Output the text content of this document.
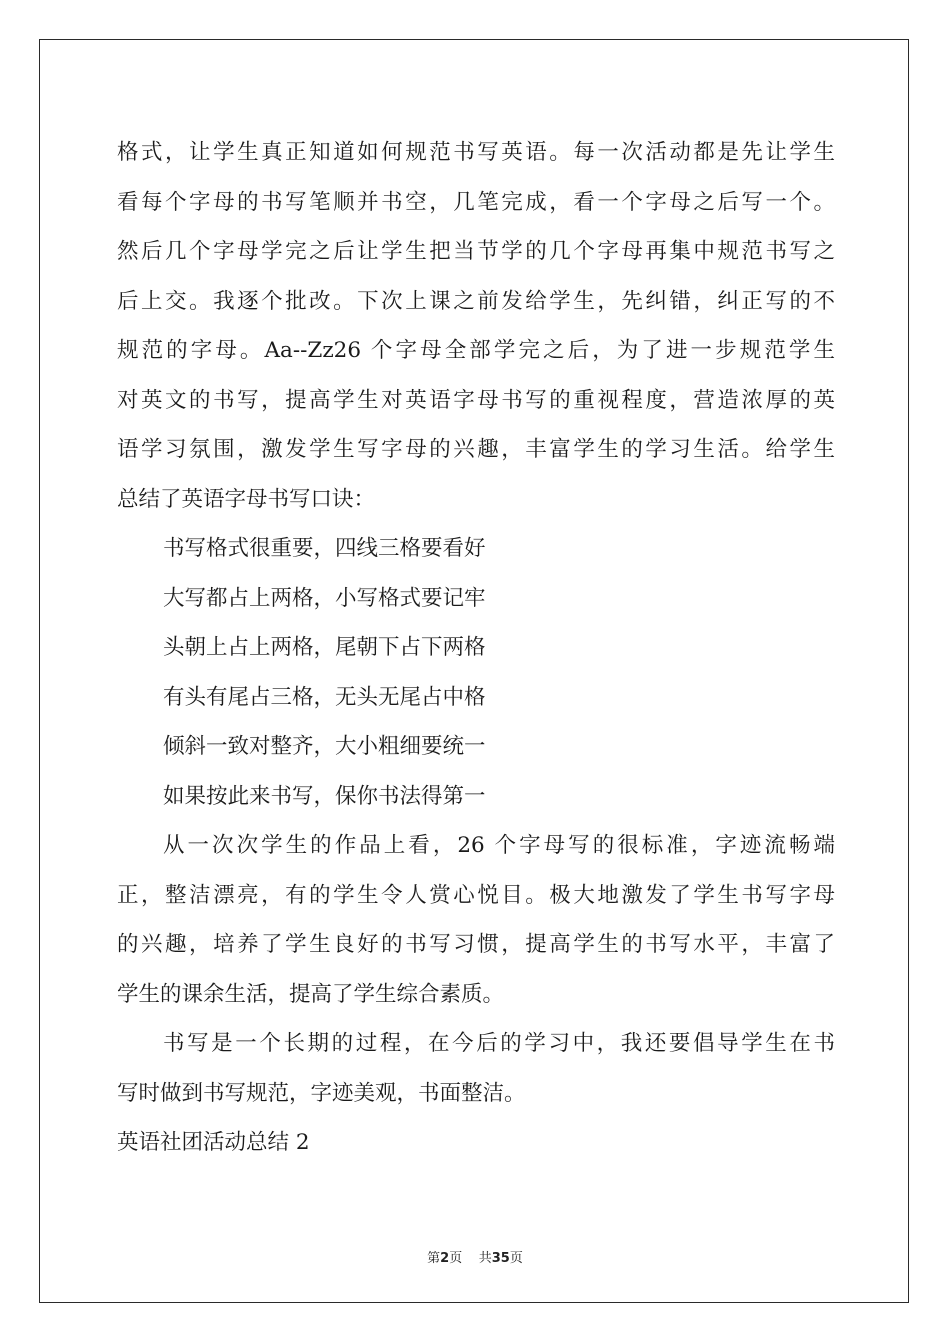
格式，让学生真正知道如何规范书写英语。每一次活动都是先让学生
看每个字母的书写笔顺并书空，几笔完成，看一个字母之后写一个。
然后几个字母学完之后让学生把当节学的几个字母再集中规范书写之
后上交。我逐个批改。下次上课之前发给学生，先纠错，纠正写的不
规范的字母。Aa--Zz26 个字母全部学完之后，为了进一步规范学生
对英文的书写，提高学生对英语字母书写的重视程度，营造浓厚的英
语学习氛围，激发学生写字母的兴趣，丰富学生的学习生活。给学生
总结了英语字母书写口诀：
书写格式很重要，四线三格要看好
大写都占上两格，小写格式要记牢
头朝上占上两格，尾朝下占下两格
有头有尾占三格，无头无尾占中格
倾斜一致对整齐，大小粗细要统一
如果按此来书写，保你书法得第一
从一次次学生的作品上看，26 个字母写的很标准，字迹流畅端
正，整洁漂亮，有的学生令人赏心悦目。极大地激发了学生书写字母
的兴趣，培养了学生良好的书写习惯，提高学生的书写水平，丰富了
学生的课余生活，提高了学生综合素质。
书写是一个长期的过程，在今后的学习中，我还要倡导学生在书
写时做到书写规范，字迹美观，书面整洁。
英语社团活动总结 2
第2页 共35页
